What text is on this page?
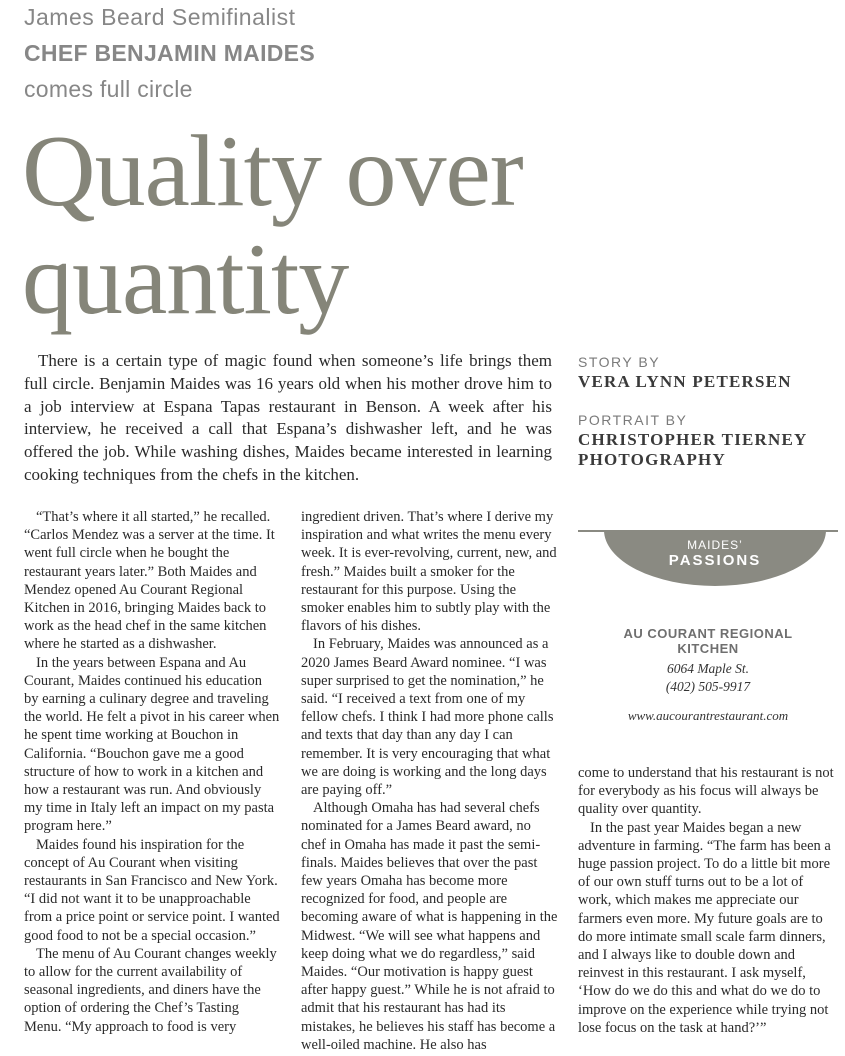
James Beard Semifinalist
CHEF BENJAMIN MAIDES
comes full circle
Quality over
quantity
There is a certain type of magic found when someone’s life brings them full circle. Benjamin Maides was 16 years old when his mother drove him to a job interview at Espana Tapas restaurant in Benson. A week after his interview, he received a call that Espana’s dishwasher left, and he was offered the job. While washing dishes, Maides became interested in learning cooking techniques from the chefs in the kitchen.
STORY BY
VERA LYNN PETERSEN
PORTRAIT BY
CHRISTOPHER TIERNEY PHOTOGRAPHY

“That’s where it all started,” he recalled. “Carlos Mendez was a server at the time. It went full circle when he bought the restaurant years later.” Both Maides and Mendez opened Au Courant Regional Kitchen in 2016, bringing Maides back to work as the head chef in the same kitchen where he started as a dishwasher.

In the years between Espana and Au Courant, Maides continued his education by earning a culinary degree and traveling the world. He felt a pivot in his career when he spent time working at Bouchon in California. “Bouchon gave me a good structure of how to work in a kitchen and how a restaurant was run. And obviously my time in Italy left an impact on my pasta program here.”

Maides found his inspiration for the concept of Au Courant when visiting restaurants in San Francisco and New York. “I did not want it to be unapproachable from a price point or service point. I wanted good food to not be a special occasion.”

The menu of Au Courant changes weekly to allow for the current availability of seasonal ingredients, and diners have the option of ordering the Chef’s Tasting Menu. “My approach to food is very

ingredient driven. That’s where I derive my inspiration and what writes the menu every week. It is ever-revolving, current, new, and fresh.” Maides built a smoker for the restaurant for this purpose. Using the smoker enables him to subtly play with the flavors of his dishes.

In February, Maides was announced as a 2020 James Beard Award nominee. “I was super surprised to get the nomination,” he said. “I received a text from one of my fellow chefs. I think I had more phone calls and texts that day than any day I can remember. It is very encouraging that what we are doing is working and the long days are paying off.”

Although Omaha has had several chefs nominated for a James Beard award, no chef in Omaha has made it past the semi-finals. Maides believes that over the past few years Omaha has become more recognized for food, and people are becoming aware of what is happening in the Midwest. “We will see what happens and keep doing what we do regardless,” said Maides. “Our motivation is happy guest after happy guest.” While he is not afraid to admit that his restaurant has had its mistakes, he believes his staff has become a well-oiled machine. He also has

MAIDES’
PASSIONS
AU COURANT REGIONAL KITCHEN
6064 Maple St.
(402) 505-9917
www.aucourantrestaurant.com

come to understand that his restaurant is not for everybody as his focus will always be quality over quantity.

In the past year Maides began a new adventure in farming. “The farm has been a huge passion project. To do a little bit more of our own stuff turns out to be a lot of work, which makes me appreciate our farmers even more. My future goals are to do more intimate small scale farm dinners, and I always like to double down and reinvest in this restaurant. I ask myself, ‘How do we do this and what do we do to improve on the experience while trying not lose focus on the task at hand?’”
